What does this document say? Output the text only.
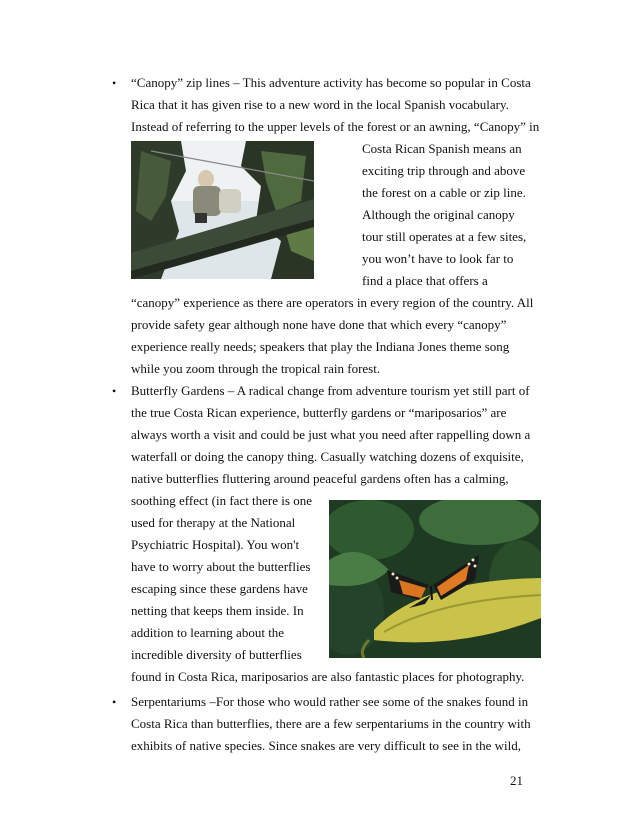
• “Canopy” zip lines – This adventure activity has become so popular in Costa
Rica that it has given rise to a new word in the local Spanish vocabulary.
Instead of referring to the upper levels of the forest or an awning, “Canopy” in
Costa Rican Spanish means an
exciting trip through and above
the forest on a cable or zip line.
Although the original canopy
tour still operates at a few sites,
you won’t have to look far to
find a place that offers a
“canopy” experience as there are operators in every region of the country. All
provide safety gear although none have done that which every “canopy”
experience really needs; speakers that play the Indiana Jones theme song
while you zoom through the tropical rain forest.
• Butterfly Gardens – A radical change from adventure tourism yet still part of
the true Costa Rican experience, butterfly gardens or “mariposarios” are
always worth a visit and could be just what you need after rappelling down a
waterfall or doing the canopy thing. Casually watching dozens of exquisite,
native butterflies fluttering around peaceful gardens often has a calming,
soothing effect (in fact there is one
used for therapy at the National
Psychiatric Hospital). You won't
have to worry about the butterflies
escaping since these gardens have
netting that keeps them inside. In
addition to learning about the
incredible diversity of butterflies
found in Costa Rica, mariposarios are also fantastic places for photography.
• Serpentariums –For those who would rather see some of the snakes found in
Costa Rica than butterflies, there are a few serpentariums in the country with
exhibits of native species. Since snakes are very difficult to see in the wild,
21
